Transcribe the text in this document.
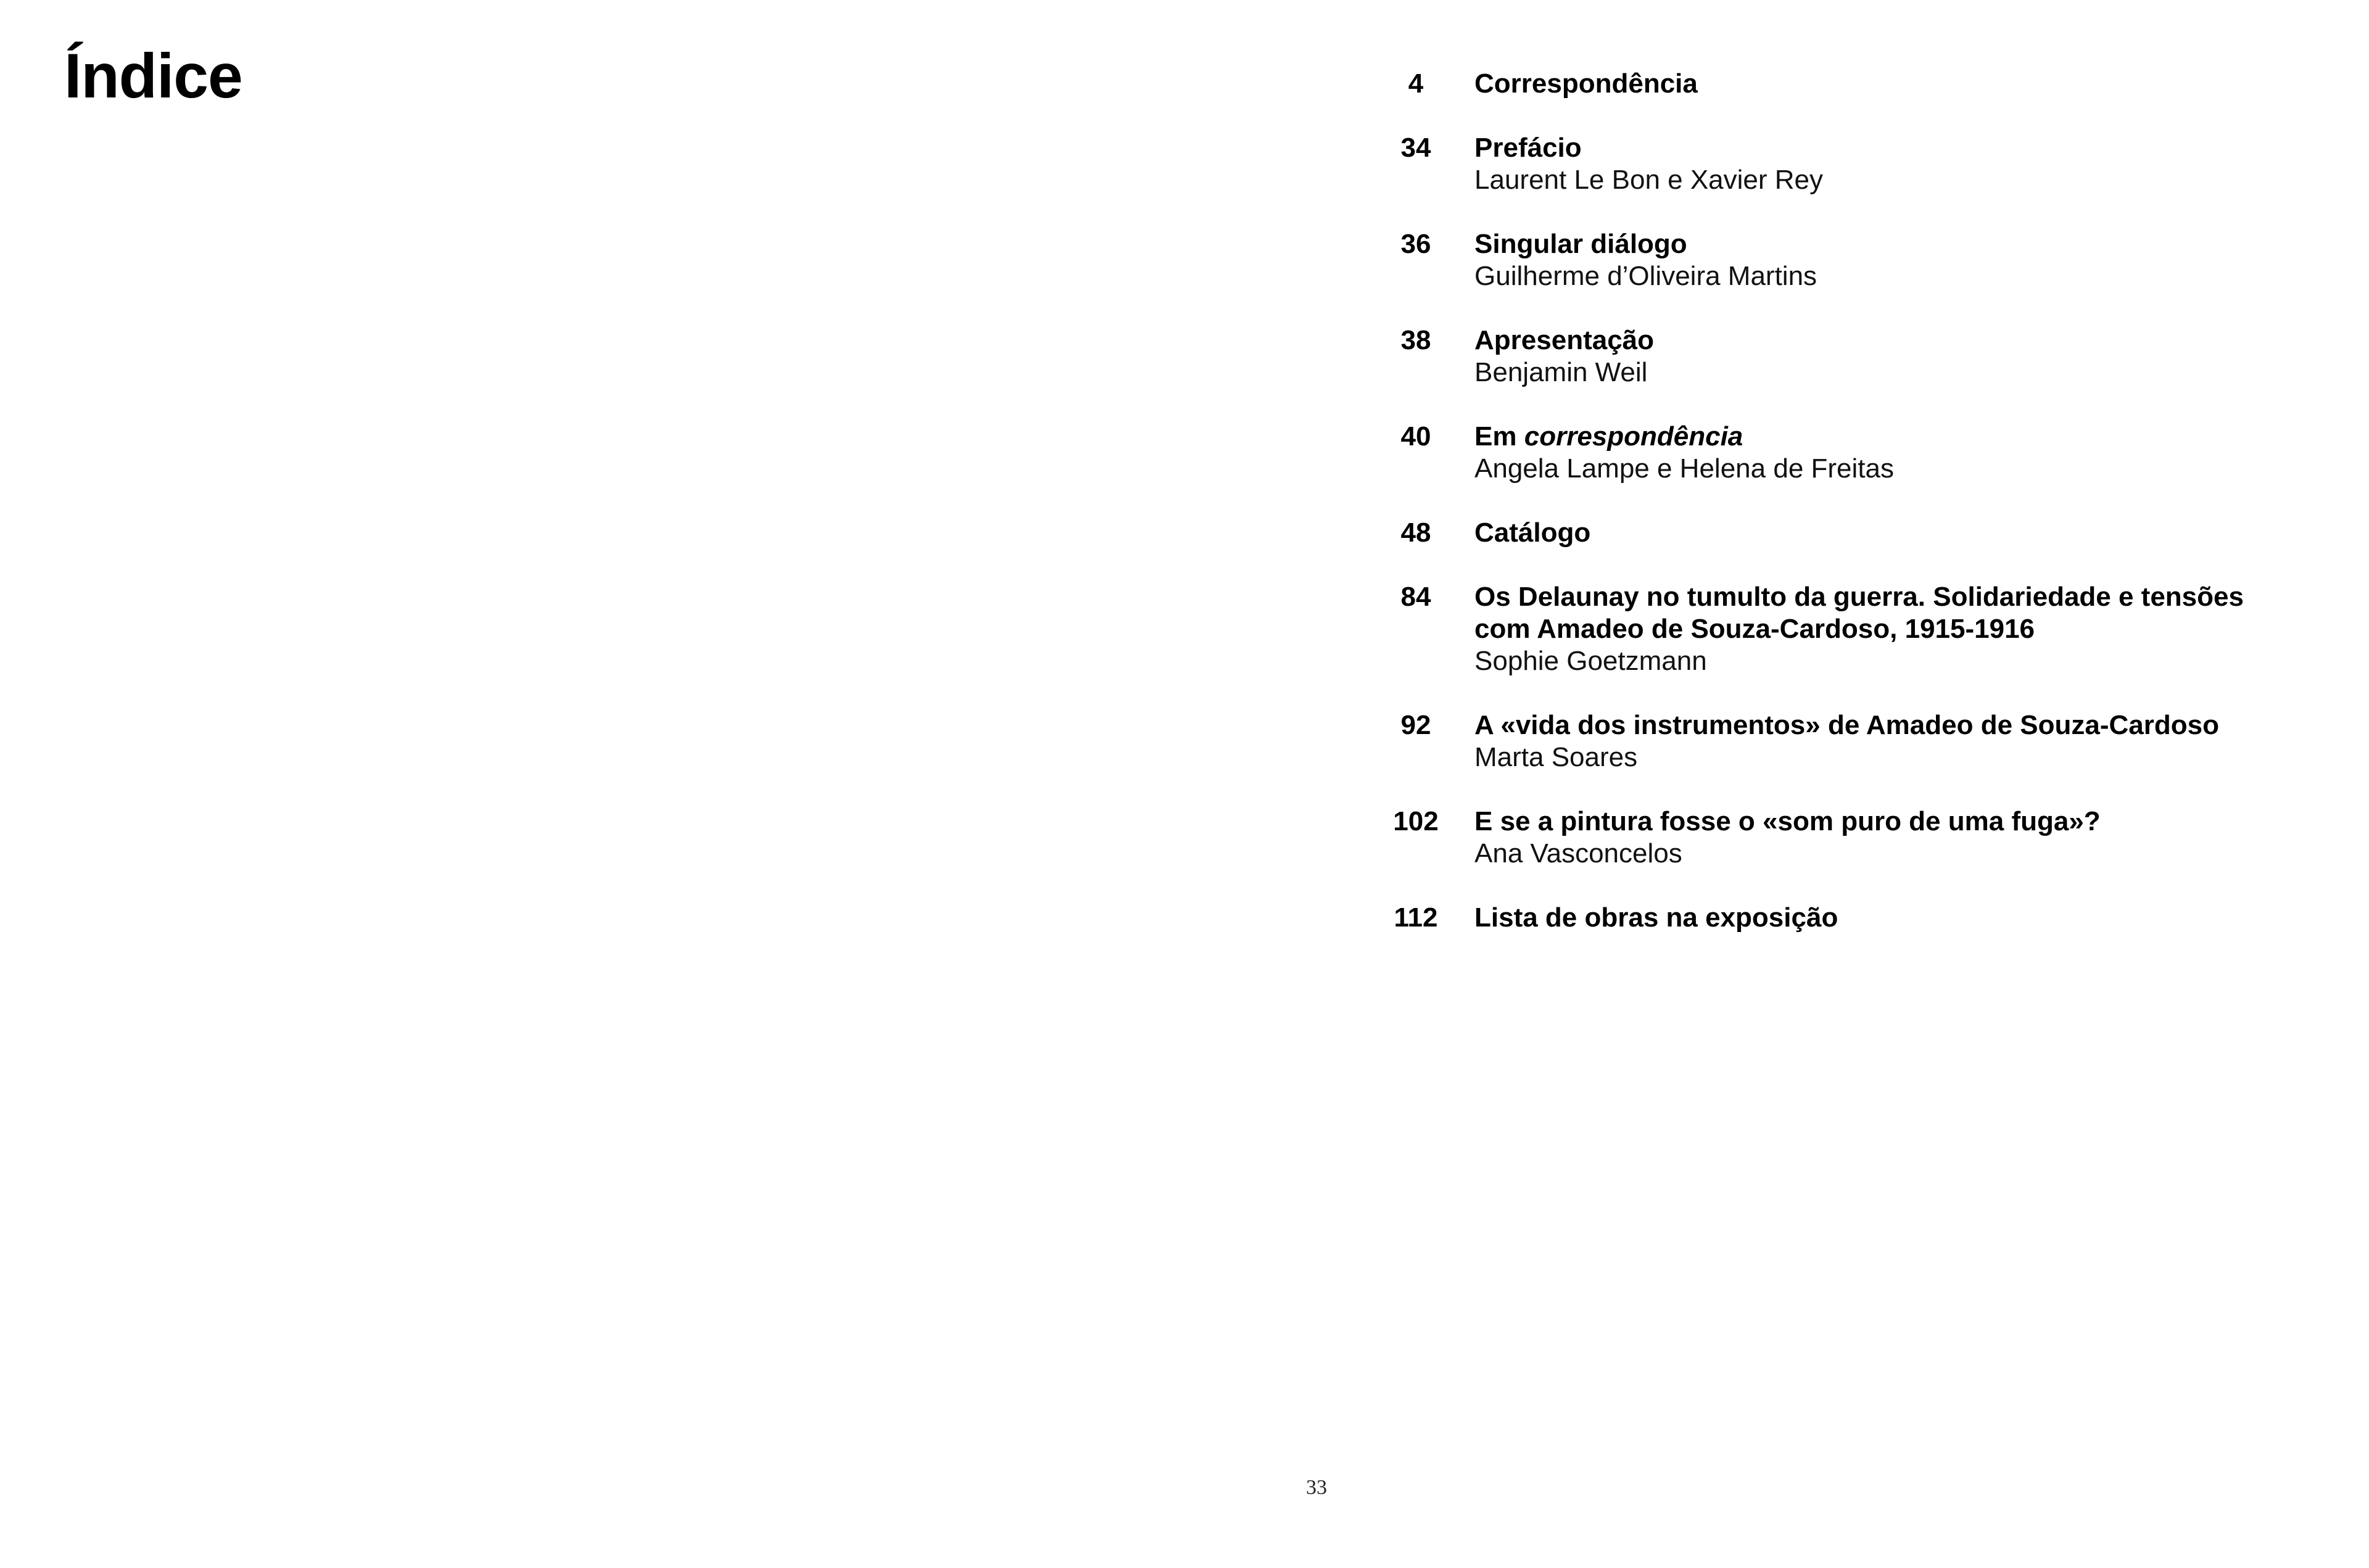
Índice	4	Correspondência
34	Prefácio
Laurent Le Bon e Xavier Rey
36	Singular diálogo
Guilherme d’Oliveira Martins
38	Apresentação
Benjamin Weil
40	Em correspondência
Angela Lampe e Helena de Freitas
48	Catálogo
84	Os Delaunay no tumulto da guerra. Solidariedade e tensões
com Amadeo de Souza-Cardoso, 1915-1916
Sophie Goetzmann
92	A «vida dos instrumentos» de Amadeo de Souza-Cardoso
Marta Soares
102	E se a pintura fosse o «som puro de uma fuga»?
Ana Vasconcelos
112	Lista de obras na exposição
33
